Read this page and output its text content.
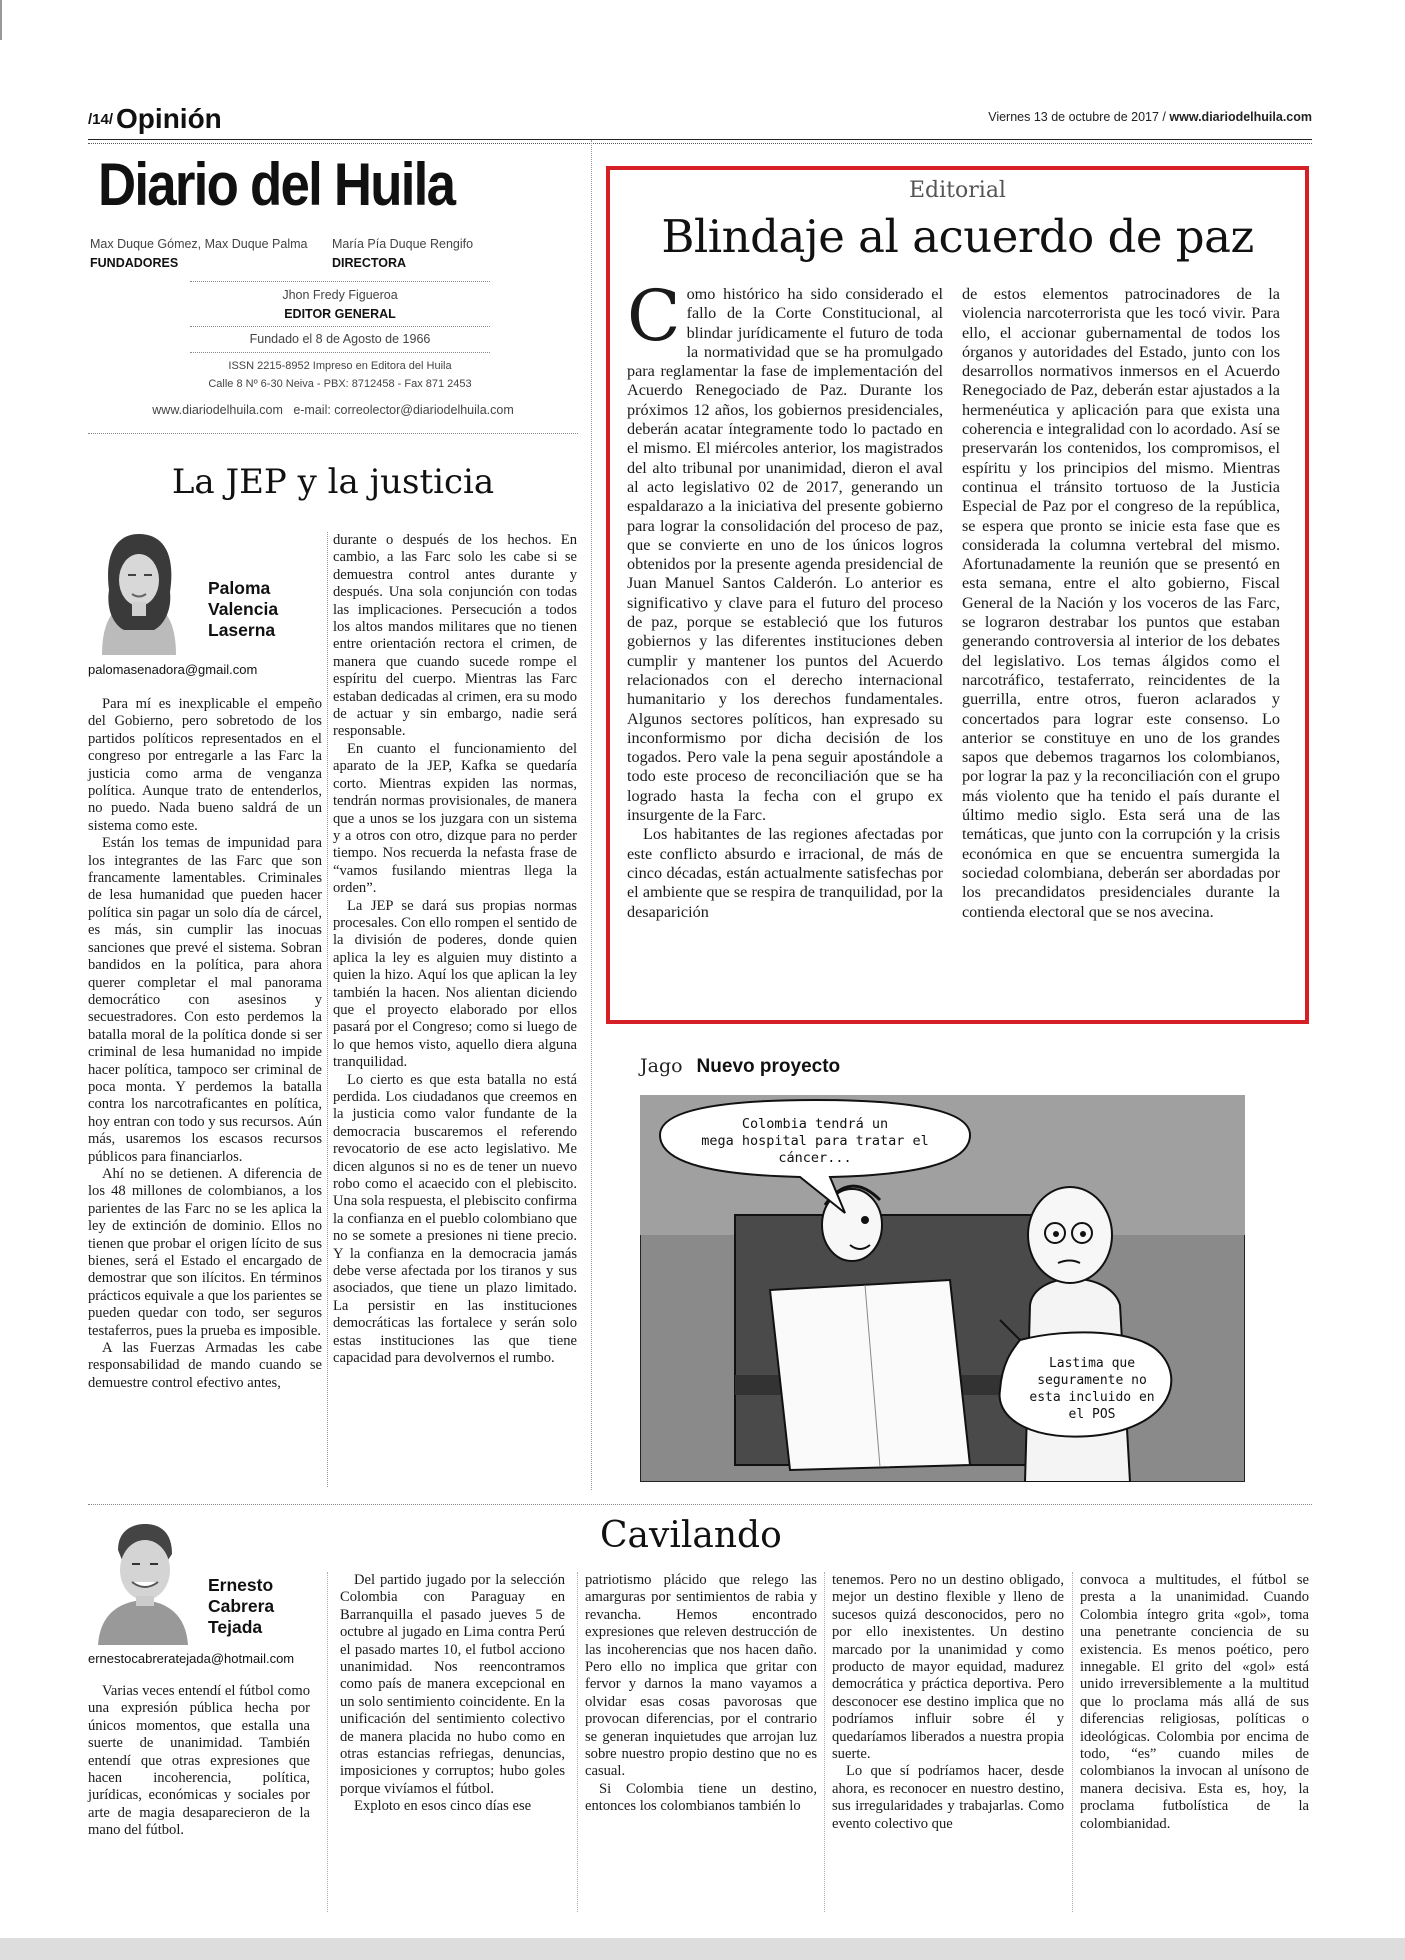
/14/ Opinión	Viernes 13 de octubre de 2017 / www.diariodelhuila.com
Diario del Huila
Max Duque Gómez, Max Duque Palma
FUNDADORES
María Pía Duque Rengifo
DIRECTORA
Jhon Fredy Figueroa
EDITOR GENERAL
Fundado el 8 de Agosto de 1966
ISSN 2215-8952 Impreso en Editora del Huila
Calle 8 Nº 6-30 Neiva - PBX: 8712458 - Fax 871 2453
www.diariodelhuila.com e-mail: correolector@diariodelhuila.com
La JEP y la justicia
Paloma
Valencia
Laserna
palomasenadora@gmail.com

Para mí es inexplicable el empeño del Gobierno, pero sobretodo de los partidos políticos representados en el congreso por entregarle a las Farc la justicia como arma de venganza política. Aunque trato de entenderlos, no puedo. Nada bueno saldrá de un sistema como este.

Están los temas de impunidad para los integrantes de las Farc que son francamente lamentables. Criminales de lesa humanidad que pueden hacer política sin pagar un solo día de cárcel, es más, sin cumplir las inocuas sanciones que prevé el sistema. Sobran bandidos en la política, para ahora querer completar el mal panorama democrático con asesinos y secuestradores. Con esto perdemos la batalla moral de la política donde si ser criminal de lesa humanidad no impide hacer política, tampoco ser criminal de poca monta. Y perdemos la batalla contra los narcotraficantes en política, hoy entran con todo y sus recursos. Aún más, usaremos los escasos recursos públicos para financiarlos.

Ahí no se detienen. A diferencia de los 48 millones de colombianos, a los parientes de las Farc no se les aplica la ley de extinción de dominio. Ellos no tienen que probar el origen lícito de sus bienes, será el Estado el encargado de demostrar que son ilícitos. En términos prácticos equivale a que los parientes se pueden quedar con todo, ser seguros testaferros, pues la prueba es imposible.

A las Fuerzas Armadas les cabe responsabilidad de mando cuando se demuestre control efectivo antes,

durante o después de los hechos. En cambio, a las Farc solo les cabe si se demuestra control antes durante y después. Una sola conjunción con todas las implicaciones. Persecución a todos los altos mandos militares que no tienen entre orientación rectora el crimen, de manera que cuando sucede rompe el espíritu del cuerpo. Mientras las Farc estaban dedicadas al crimen, era su modo de actuar y sin embargo, nadie será responsable.

En cuanto el funcionamiento del aparato de la JEP, Kafka se quedaría corto. Mientras expiden las normas, tendrán normas provisionales, de manera que a unos se los juzgara con un sistema y a otros con otro, dizque para no perder tiempo. Nos recuerda la nefasta frase de “vamos fusilando mientras llega la orden”.

La JEP se dará sus propias normas procesales. Con ello rompen el sentido de la división de poderes, donde quien aplica la ley es alguien muy distinto a quien la hizo. Aquí los que aplican la ley también la hacen. Nos alientan diciendo que el proyecto elaborado por ellos pasará por el Congreso; como si luego de lo que hemos visto, aquello diera alguna tranquilidad.

Lo cierto es que esta batalla no está perdida. Los ciudadanos que creemos en la justicia como valor fundante de la democracia buscaremos el referendo revocatorio de ese acto legislativo. Me dicen algunos si no es de tener un nuevo robo como el acaecido con el plebiscito. Una sola respuesta, el plebiscito confirma la confianza en el pueblo colombiano que no se somete a presiones ni tiene precio. Y la confianza en la democracia jamás debe verse afectada por los tiranos y sus asociados, que tiene un plazo limitado. La persistir en las instituciones democráticas las fortalece y serán solo estas instituciones las que tiene capacidad para devolvernos el rumbo.

Editorial
Blindaje al acuerdo de paz
C omo histórico ha sido considerado el fallo de la Corte Constitucional, al blindar jurídicamente el futuro de toda la normatividad que se ha promulgado para reglamentar la fase de implementación del Acuerdo Renegociado de Paz. Durante los próximos 12 años, los gobiernos presidenciales, deberán acatar íntegramente todo lo pactado en el mismo. El miércoles anterior, los magistrados del alto tribunal por unanimidad, dieron el aval al acto legislativo 02 de 2017, generando un espaldarazo a la iniciativa del presente gobierno para lograr la consolidación del proceso de paz, que se convierte en uno de los únicos logros obtenidos por la presente agenda presidencial de Juan Manuel Santos Calderón. Lo anterior es significativo y clave para el futuro del proceso de paz, porque se estableció que los futuros gobiernos y las diferentes instituciones deben cumplir y mantener los puntos del Acuerdo relacionados con el derecho internacional humanitario y los derechos fundamentales. Algunos sectores políticos, han expresado su inconformismo por dicha decisión de los togados. Pero vale la pena seguir apostándole a todo este proceso de reconciliación que se ha logrado hasta la fecha con el grupo ex insurgente de la Farc.

Los habitantes de las regiones afectadas por este conflicto absurdo e irracional, de más de cinco décadas, están actualmente satisfechas por el ambiente que se respira de tranquilidad, por la desaparición

de estos elementos patrocinadores de la violencia narcoterrorista que les tocó vivir. Para ello, el accionar gubernamental de todos los órganos y autoridades del Estado, junto con los desarrollos normativos inmersos en el Acuerdo Renegociado de Paz, deberán estar ajustados a la hermenéutica y aplicación para que exista una coherencia e integralidad con lo acordado. Así se preservarán los contenidos, los compromisos, el espíritu y los principios del mismo. Mientras continua el tránsito tortuoso de la Justicia Especial de Paz por el congreso de la república, se espera que pronto se inicie esta fase que es considerada la columna vertebral del mismo. Afortunadamente la reunión que se presentó en esta semana, entre el alto gobierno, Fiscal General de la Nación y los voceros de las Farc, se lograron destrabar los puntos que estaban generando controversia al interior de los debates del legislativo. Los temas álgidos como el narcotráfico, testaferrato, reincidentes de la guerrilla, entre otros, fueron aclarados y concertados para lograr este consenso. Lo anterior se constituye en uno de los grandes sapos que debemos tragarnos los colombianos, por lograr la paz y la reconciliación con el grupo más violento que ha tenido el país durante el último medio siglo. Esta será una de las temáticas, que junto con la corrupción y la crisis económica en que se encuentra sumergida la sociedad colombiana, deberán ser abordadas por los precandidatos presidenciales durante la contienda electoral que se nos avecina.

Jago Nuevo proyecto
Colombia tendrá un
mega hospital para tratar el
cáncer...
Lastima que
seguramente no
esta incluido en
el POS
Ernesto
Cabrera
Tejada
ernestocabreratejada@hotmail.com
Cavilando

Varias veces entendí el fútbol como una expresión pública hecha por únicos momentos, que estalla una suerte de unanimidad. También entendí que otras expresiones que hacen incoherencia, política, jurídicas, económicas y sociales por arte de magia desaparecieron de la mano del fútbol.

Del partido jugado por la selección Colombia con Paraguay en Barranquilla el pasado jueves 5 de octubre al jugado en Lima contra Perú el pasado martes 10, el futbol acciono unanimidad. Nos reencontramos como país de manera excepcional en un solo sentimiento coincidente. En la unificación del sentimiento colectivo de manera placida no hubo como en otras estancias refriegas, denuncias, imposiciones y corruptos; hubo goles porque vivíamos el fútbol.

Exploto en esos cinco días ese

patriotismo plácido que relego las amarguras por sentimientos de rabia y revancha. Hemos encontrado expresiones que releven destrucción de las incoherencias que nos hacen daño. Pero ello no implica que gritar con fervor y darnos la mano vayamos a olvidar esas cosas pavorosas que provocan diferencias, por el contrario se generan inquietudes que arrojan luz sobre nuestro propio destino que no es casual.

Si Colombia tiene un destino, entonces los colombianos también lo

tenemos. Pero no un destino obligado, mejor un destino flexible y lleno de sucesos quizá desconocidos, pero no por ello inexistentes. Un destino marcado por la unanimidad y como producto de mayor equidad, madurez democrática y práctica deportiva. Pero desconocer ese destino implica que no podríamos influir sobre él y quedaríamos liberados a nuestra propia suerte.

Lo que sí podríamos hacer, desde ahora, es reconocer en nuestro destino, sus irregularidades y trabajarlas. Como evento colectivo que

convoca a multitudes, el fútbol se presta a la unanimidad. Cuando Colombia íntegro grita «gol», toma una penetrante conciencia de su existencia. Es menos poético, pero innegable. El grito del «gol» está unido irreversiblemente a la multitud que lo proclama más allá de sus diferencias religiosas, políticas o ideológicas. Colombia por encima de todo, “es” cuando miles de colombianos la invocan al unísono de manera decisiva. Esta es, hoy, la proclama futbolística de la colombianidad.
